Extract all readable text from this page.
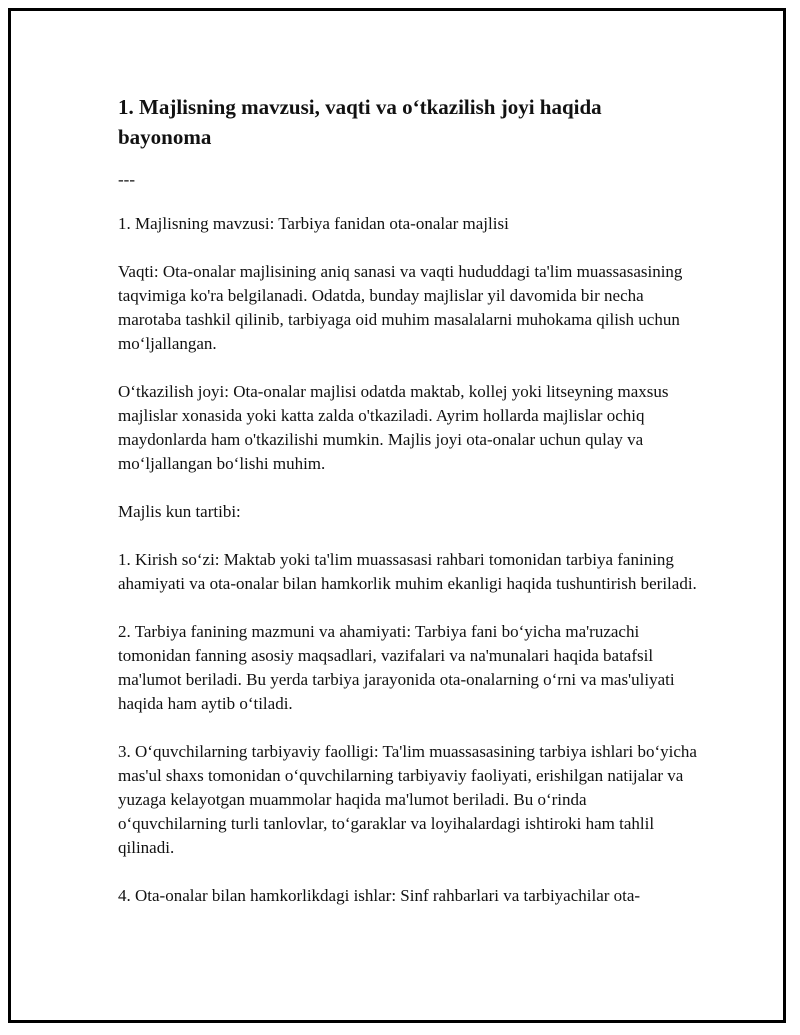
1. Majlisning mavzusi, vaqti va o‘tkazilish joyi haqida bayonoma
---

1. Majlisning mavzusi: Tarbiya fanidan ota-onalar majlisi

Vaqti: Ota-onalar majlisining aniq sanasi va vaqti hududdagi ta'lim muassasasining taqvimiga ko'ra belgilanadi. Odatda, bunday majlislar yil davomida bir necha marotaba tashkil qilinib, tarbiyaga oid muhim masalalarni muhokama qilish uchun mo‘ljallangan.

O‘tkazilish joyi: Ota-onalar majlisi odatda maktab, kollej yoki litseyning maxsus majlislar xonasida yoki katta zalda o'tkaziladi. Ayrim hollarda majlislar ochiq maydonlarda ham o'tkazilishi mumkin. Majlis joyi ota-onalar uchun qulay va mo‘ljallangan bo‘lishi muhim.

Majlis kun tartibi:

1. Kirish so‘zi: Maktab yoki ta'lim muassasasi rahbari tomonidan tarbiya fanining ahamiyati va ota-onalar bilan hamkorlik muhim ekanligi haqida tushuntirish beriladi.

2. Tarbiya fanining mazmuni va ahamiyati: Tarbiya fani bo‘yicha ma'ruzachi tomonidan fanning asosiy maqsadlari, vazifalari va na'munalari haqida batafsil ma'lumot beriladi. Bu yerda tarbiya jarayonida ota-onalarning o‘rni va mas'uliyati haqida ham aytib o‘tiladi.

3. O‘quvchilarning tarbiyaviy faolligi: Ta'lim muassasasining tarbiya ishlari bo‘yicha mas'ul shaxs tomonidan o‘quvchilarning tarbiyaviy faoliyati, erishilgan natijalar va yuzaga kelayotgan muammolar haqida ma'lumot beriladi. Bu o‘rinda o‘quvchilarning turli tanlovlar, to‘garaklar va loyihalardagi ishtiroki ham tahlil qilinadi.

4. Ota-onalar bilan hamkorlikdagi ishlar: Sinf rahbarlari va tarbiyachilar ota-
